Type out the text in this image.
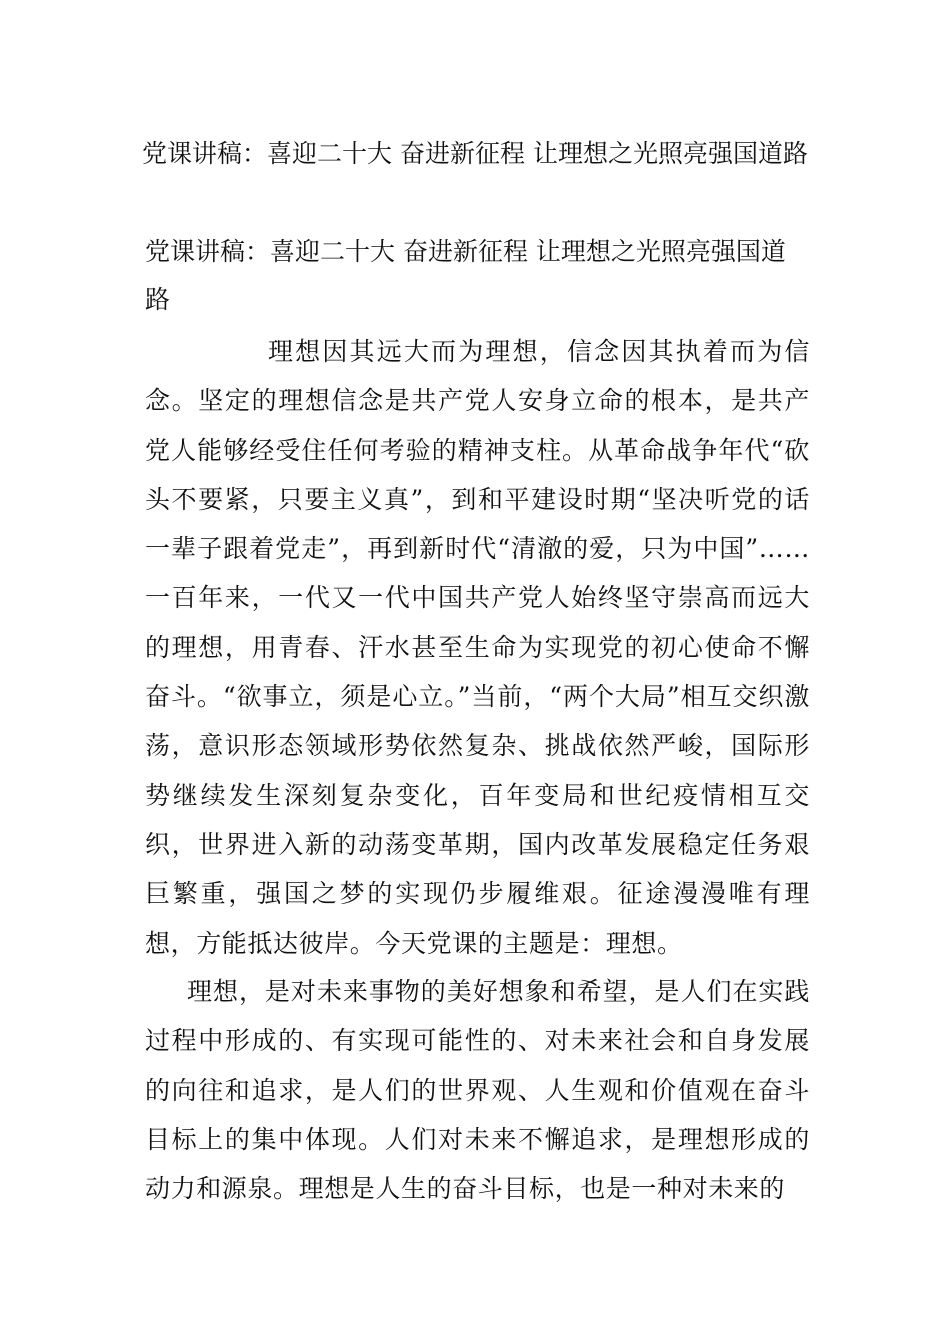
党课讲稿：喜迎二十大 奋进新征程 让理想之光照亮强国道路

党课讲稿：喜迎二十大 奋进新征程 让理想之光照亮强国道路

理想因其远大而为理想，信念因其执着而为信念。坚定的理想信念是共产党人安身立命的根本，是共产党人能够经受住任何考验的精神支柱。从革命战争年代“砍头不要紧，只要主义真”，到和平建设时期“坚决听党的话一辈子跟着党走”，再到新时代“清澈的爱，只为中国”……一百年来，一代又一代中国共产党人始终坚守崇高而远大的理想，用青春、汗水甚至生命为实现党的初心使命不懈奋斗。“欲事立，须是心立。”当前，“两个大局”相互交织激荡，意识形态领域形势依然复杂、挑战依然严峻，国际形势继续发生深刻复杂变化，百年变局和世纪疫情相互交织，世界进入新的动荡变革期，国内改革发展稳定任务艰巨繁重，强国之梦的实现仍步履维艰。征途漫漫唯有理想，方能抵达彼岸。今天党课的主题是：理想。

理想，是对未来事物的美好想象和希望，是人们在实践过程中形成的、有实现可能性的、对未来社会和自身发展的向往和追求，是人们的世界观、人生观和价值观在奋斗目标上的集中体现。人们对未来不懈追求，是理想形成的动力和源泉。理想是人生的奋斗目标，也是一种对未来的
